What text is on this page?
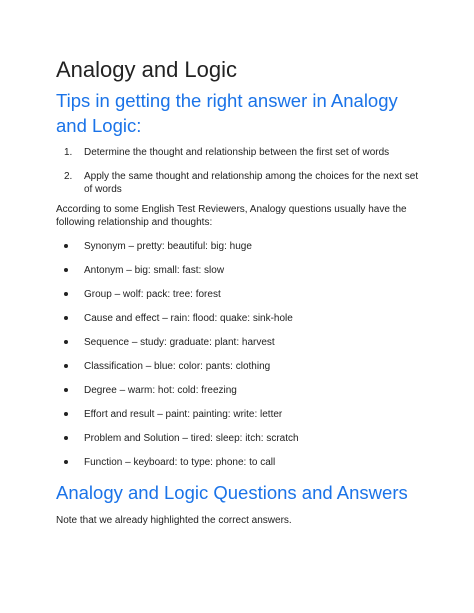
Analogy and Logic
Tips in getting the right answer in Analogy and Logic:
1. Determine the thought and relationship between the first set of words
2. Apply the same thought and relationship among the choices for the next set of words

According to some English Test Reviewers, Analogy questions usually have the following relationship and thoughts:

Synonym – pretty: beautiful: big: huge
Antonym – big: small: fast: slow
Group – wolf: pack: tree: forest
Cause and effect – rain: flood: quake: sink-hole
Sequence – study: graduate: plant: harvest
Classification – blue: color: pants: clothing
Degree – warm: hot: cold: freezing
Effort and result – paint: painting: write: letter
Problem and Solution – tired: sleep: itch: scratch
Function – keyboard: to type: phone: to call
Analogy and Logic Questions and Answers

Note that we already highlighted the correct answers.
